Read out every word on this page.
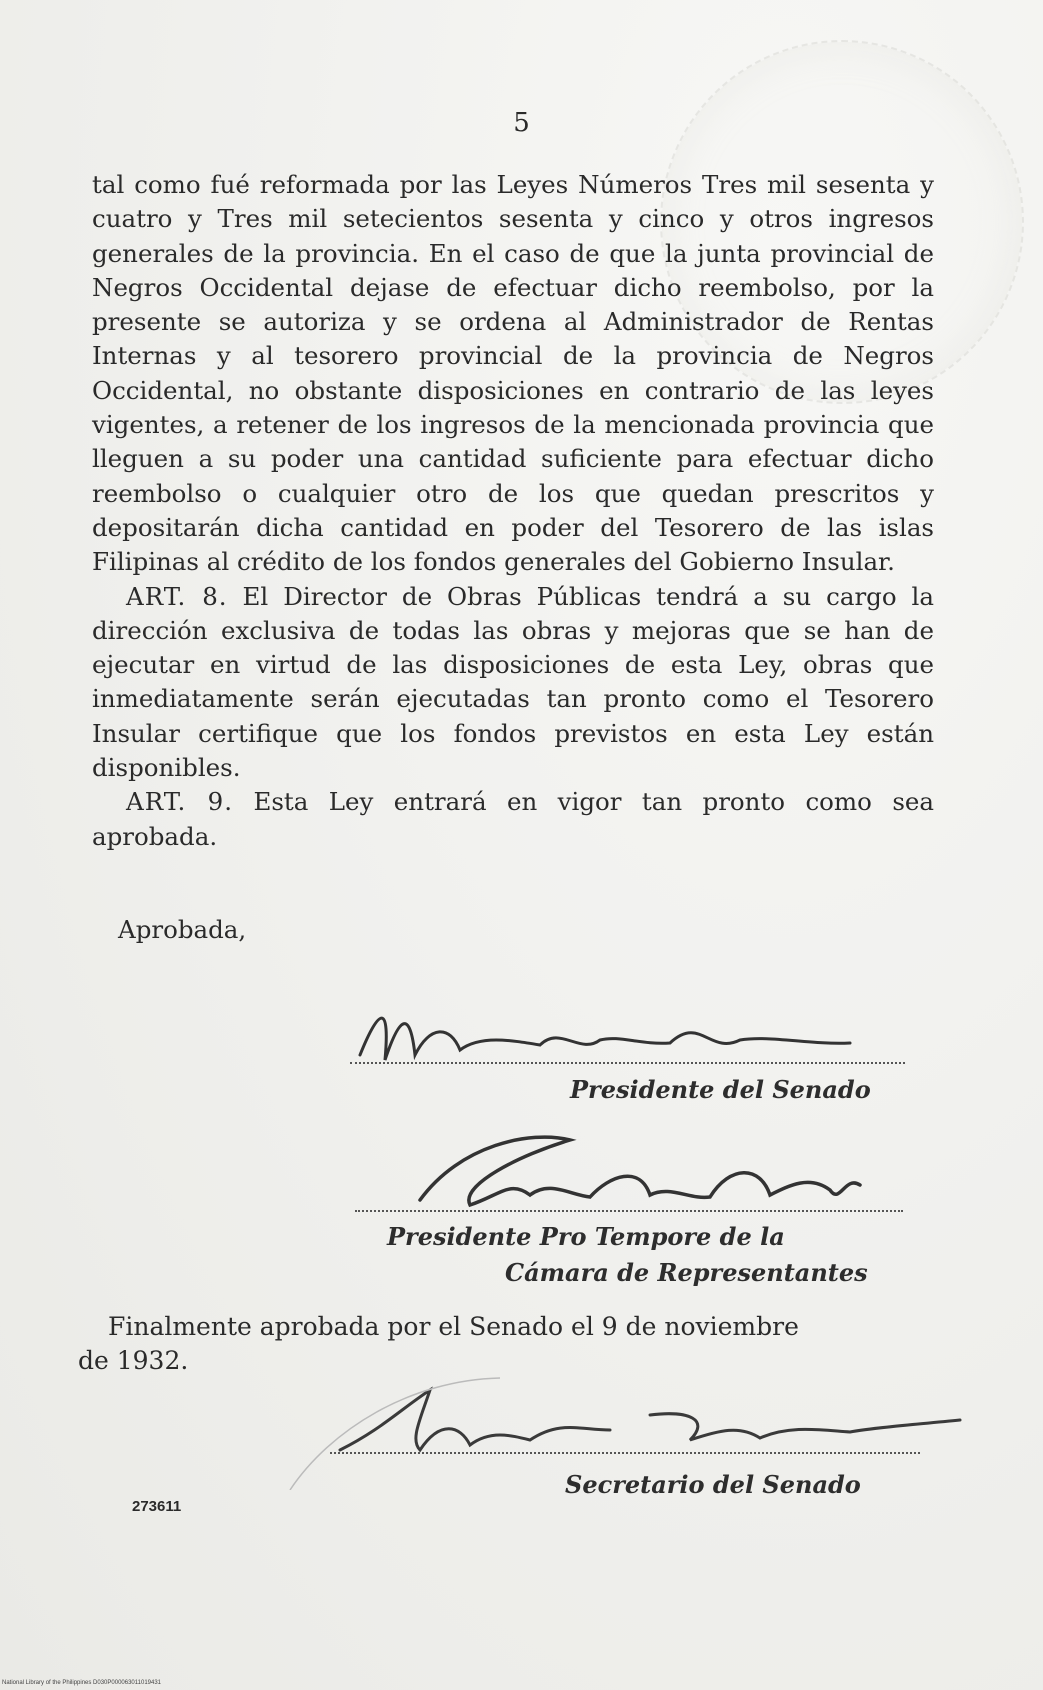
5

tal como fué reformada por las Leyes Números Tres mil sesenta y cuatro y Tres mil setecientos sesenta y cinco y otros ingresos generales de la provincia. En el caso de que la junta provincial de Negros Occidental dejase de efectuar dicho reembolso, por la presente se autoriza y se ordena al Administrador de Rentas Internas y al tesorero provincial de la provincia de Negros Occidental, no obstante disposiciones en contrario de las leyes vigentes, a retener de los ingresos de la mencionada provincia que lleguen a su poder una cantidad suficiente para efectuar dicho reembolso o cualquier otro de los que quedan prescritos y depositarán dicha cantidad en poder del Tesorero de las islas Filipinas al crédito de los fondos generales del Gobierno Insular.

ART. 8. El Director de Obras Públicas tendrá a su cargo la dirección exclusiva de todas las obras y mejoras que se han de ejecutar en virtud de las disposiciones de esta Ley, obras que inmediatamente serán ejecutadas tan pronto como el Tesorero Insular certifique que los fondos previstos en esta Ley están disponibles.

ART. 9. Esta Ley entrará en vigor tan pronto como sea aprobada.

Aprobada,
Presidente del Senado
Presidente Pro Tempore de la
Cámara de Representantes
Finalmente aprobada por el Senado el 9 de noviembre
de 1932.
Secretario del Senado
273611
National Library of the Philippines D030P000063011019431
